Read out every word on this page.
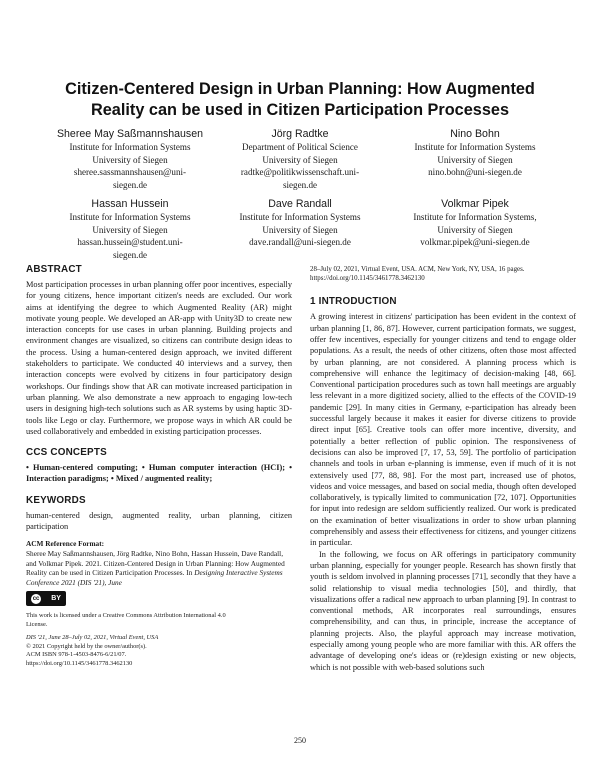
Citizen-Centered Design in Urban Planning: How Augmented
Reality can be used in Citizen Participation Processes
Sheree May Saßmannshausen
Institute for Information Systems
University of Siegen
sheree.sassmannshausen@uni-
siegen.de
Jörg Radtke
Department of Political Science
University of Siegen
radtke@politikwissenschaft.uni-
siegen.de
Nino Bohn
Institute for Information Systems
University of Siegen
nino.bohn@uni-siegen.de
Hassan Hussein
Institute for Information Systems
University of Siegen
hassan.hussein@student.uni-
siegen.de
Dave Randall
Institute for Information Systems
University of Siegen
dave.randall@uni-siegen.de
Volkmar Pipek
Institute for Information Systems,
University of Siegen
volkmar.pipek@uni-siegen.de
ABSTRACT

Most participation processes in urban planning offer poor incentives, especially for young citizens, hence important citizen's needs are excluded. Our work aims at identifying the degree to which Augmented Reality (AR) might motivate young people. We developed an AR-app with Unity3D to create new interaction concepts for use cases in urban planning. Building projects and environment changes are visualized, so citizens can contribute design ideas to the process. Using a human-centered design approach, we invited different stakeholders to participate. We conducted 40 interviews and a survey, then interaction concepts were evolved by citizens in four participatory design workshops. Our findings show that AR can motivate increased participation in urban planning. We also demonstrate a new approach to engaging low-tech users in designing high-tech solutions such as AR systems by using haptic 3D-tools like Lego or clay. Furthermore, we propose ways in which AR could be used collaboratively and embedded in existing participation processes.

CCS CONCEPTS

• Human-centered computing; • Human computer interaction (HCI); • Interaction paradigms; • Mixed / augmented reality;

KEYWORDS

human-centered design, augmented reality, urban planning, citizen participation

ACM Reference Format:

Sheree May Saßmannshausen, Jörg Radtke, Nino Bohn, Hassan Hussein, Dave Randall, and Volkmar Pipek. 2021. Citizen-Centered Design in Urban Planning: How Augmented Reality can be used in Citizen Participation Processes. In Designing Interactive Systems Conference 2021 (DIS '21), June

cc BY

This work is licensed under a Creative Commons Attribution International 4.0 License.

DIS '21, June 28–July 02, 2021, Virtual Event, USA

© 2021 Copyright held by the owner/author(s).

ACM ISBN 978-1-4503-8476-6/21/07.

https://doi.org/10.1145/3461778.3462130

28–July 02, 2021, Virtual Event, USA. ACM, New York, NY, USA, 16 pages. https://doi.org/10.1145/3461778.3462130

1 INTRODUCTION

A growing interest in citizens' participation has been evident in the context of urban planning [1, 86, 87]. However, current participation formats, we suggest, offer few incentives, especially for younger citizens and tend to engage older populations. As a result, the needs of other citizens, often those most affected by urban planning, are not considered. A planning process which is comprehensive will enhance the legitimacy of decision-making [48, 66]. Conventional participation procedures such as town hall meetings are arguably less relevant in a more digitized society, allied to the effects of the COVID-19 pandemic [29]. In many cities in Germany, e-participation has already been successful largely because it makes it easier for diverse citizens to provide direct input [65]. Creative tools can offer more incentive, diversity, and potentially a better reflection of public opinion. The responsiveness of decisions can also be improved [7, 17, 53, 59]. The portfolio of participation channels and tools in urban e-planning is immense, even if much of it is not extensively used [77, 88, 98]. For the most part, increased use of photos, videos and voice messages, and based on social media, though often developed collaboratively, is typically limited to communication [72, 107]. Opportunities for input into redesign are seldom sufficiently realized. Our work is predicated on the examination of better visualizations in order to show urban planning comprehensibly and assess their effectiveness for citizens, and younger citizens in particular.

In the following, we focus on AR offerings in participatory community urban planning, especially for younger people. Research has shown firstly that youth is seldom involved in planning processes [71], secondly that they have a solid relationship to visual media technologies [50], and thirdly, that visualizations offer a radical new approach to urban planning [9]. In contrast to conventional methods, AR incorporates real surroundings, ensures comprehensibility, and can thus, in principle, increase the acceptance of planning projects. Also, the playful approach may increase motivation, especially among young people who are more familiar with this. AR offers the advantage of developing one's ideas or (re)design existing or new objects, which is not possible with web-based solutions such

250
